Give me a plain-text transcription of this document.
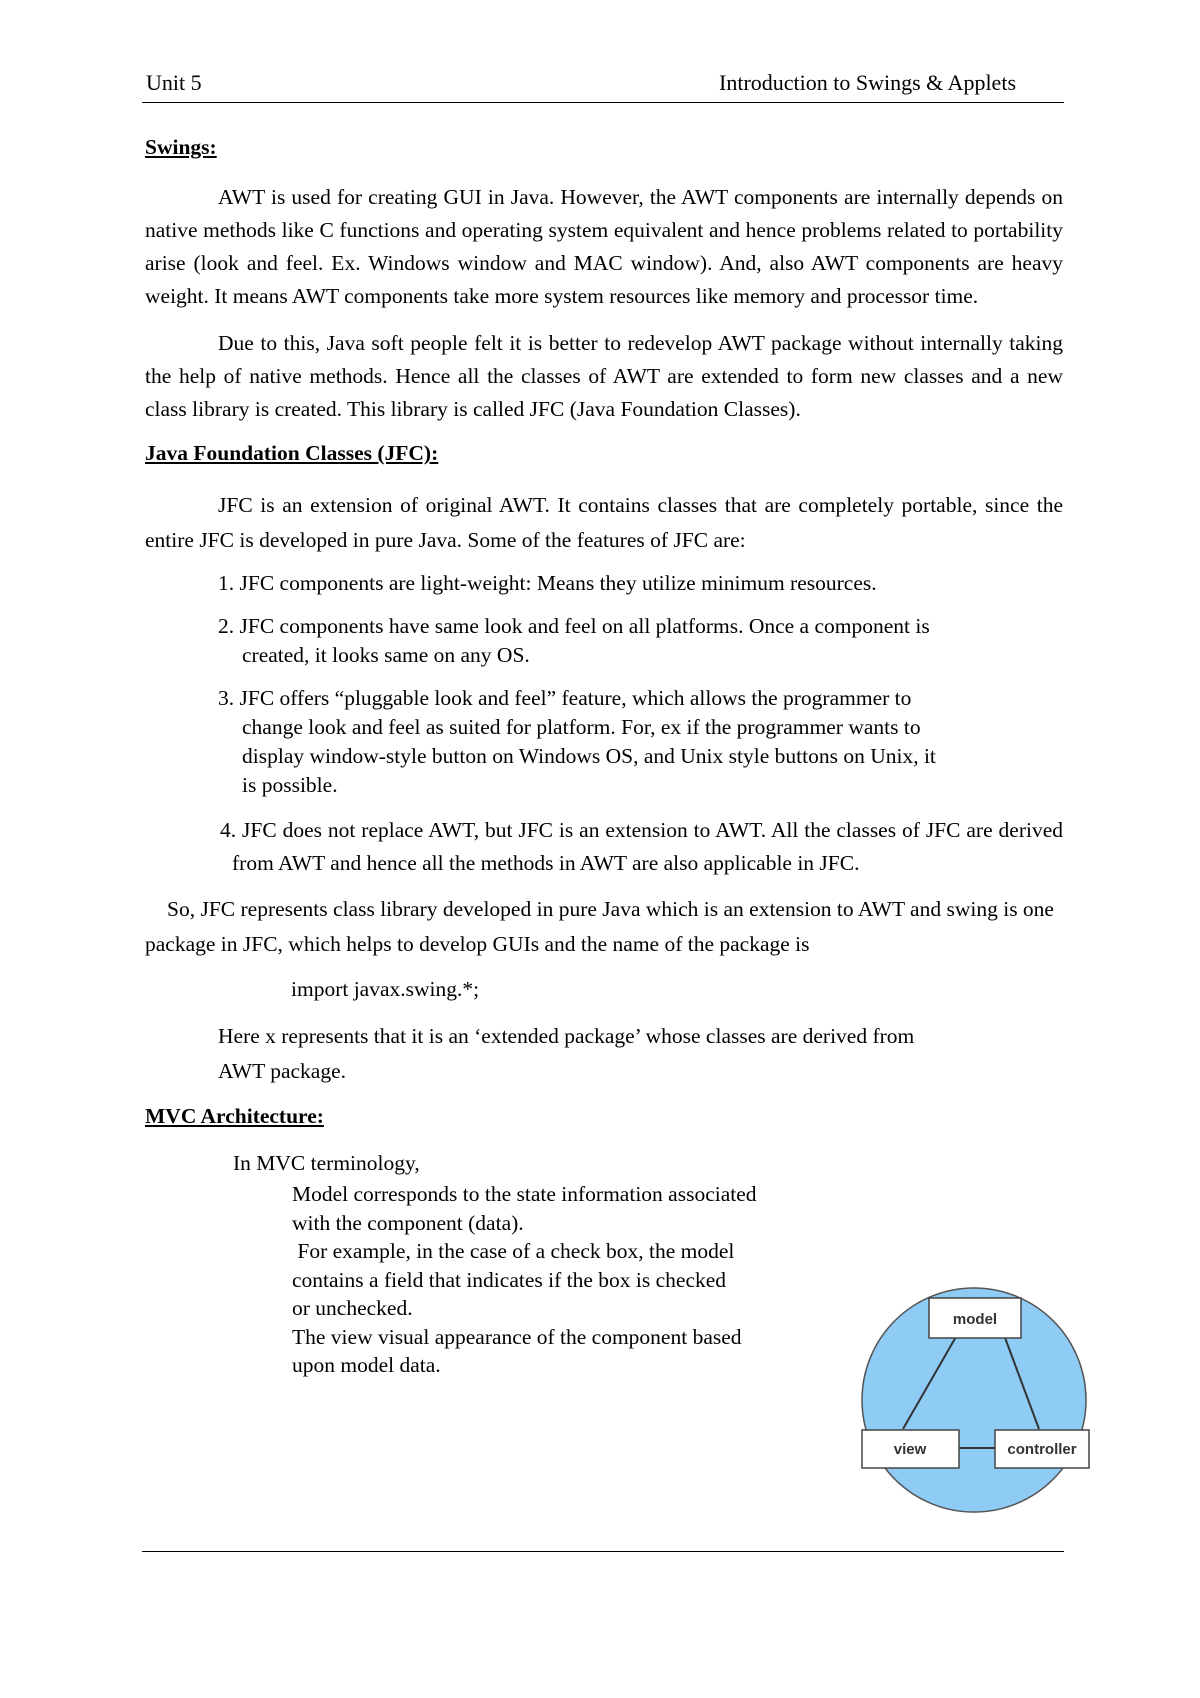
Unit 5	Introduction to Swings & Applets

Swings:

AWT is used for creating GUI in Java. However, the AWT components are internally depends on native methods like C functions and operating system equivalent and hence problems related to portability arise (look and feel. Ex. Windows window and MAC window). And, also AWT components are heavy weight. It means AWT components take more system resources like memory and processor time.

Due to this, Java soft people felt it is better to redevelop AWT package without internally taking the help of native methods. Hence all the classes of AWT are extended to form new classes and a new class library is created. This library is called JFC (Java Foundation Classes).

Java Foundation Classes (JFC):

JFC is an extension of original AWT. It contains classes that are completely portable, since the entire JFC is developed in pure Java. Some of the features of JFC are:

1. JFC components are light-weight: Means they utilize minimum resources.
2. JFC components have same look and feel on all platforms. Once a component is created, it looks same on any OS.
3. JFC offers “pluggable look and feel” feature, which allows the programmer to change look and feel as suited for platform. For, ex if the programmer wants to display window-style button on Windows OS, and Unix style buttons on Unix, it is possible.
4. JFC does not replace AWT, but JFC is an extension to AWT. All the classes of JFC are derived from AWT and hence all the methods in AWT are also applicable in JFC.

So, JFC represents class library developed in pure Java which is an extension to AWT and swing is one package in JFC, which helps to develop GUIs and the name of the package is

import javax.swing.*;

Here x represents that it is an ‘extended package’ whose classes are derived from AWT package.

MVC Architecture:

In MVC terminology,
Model corresponds to the state information associated
with the component (data).
For example, in the case of a check box, the model
contains a field that indicates if the box is checked
or unchecked.
The view visual appearance of the component based
upon model data.
model
view	controller
